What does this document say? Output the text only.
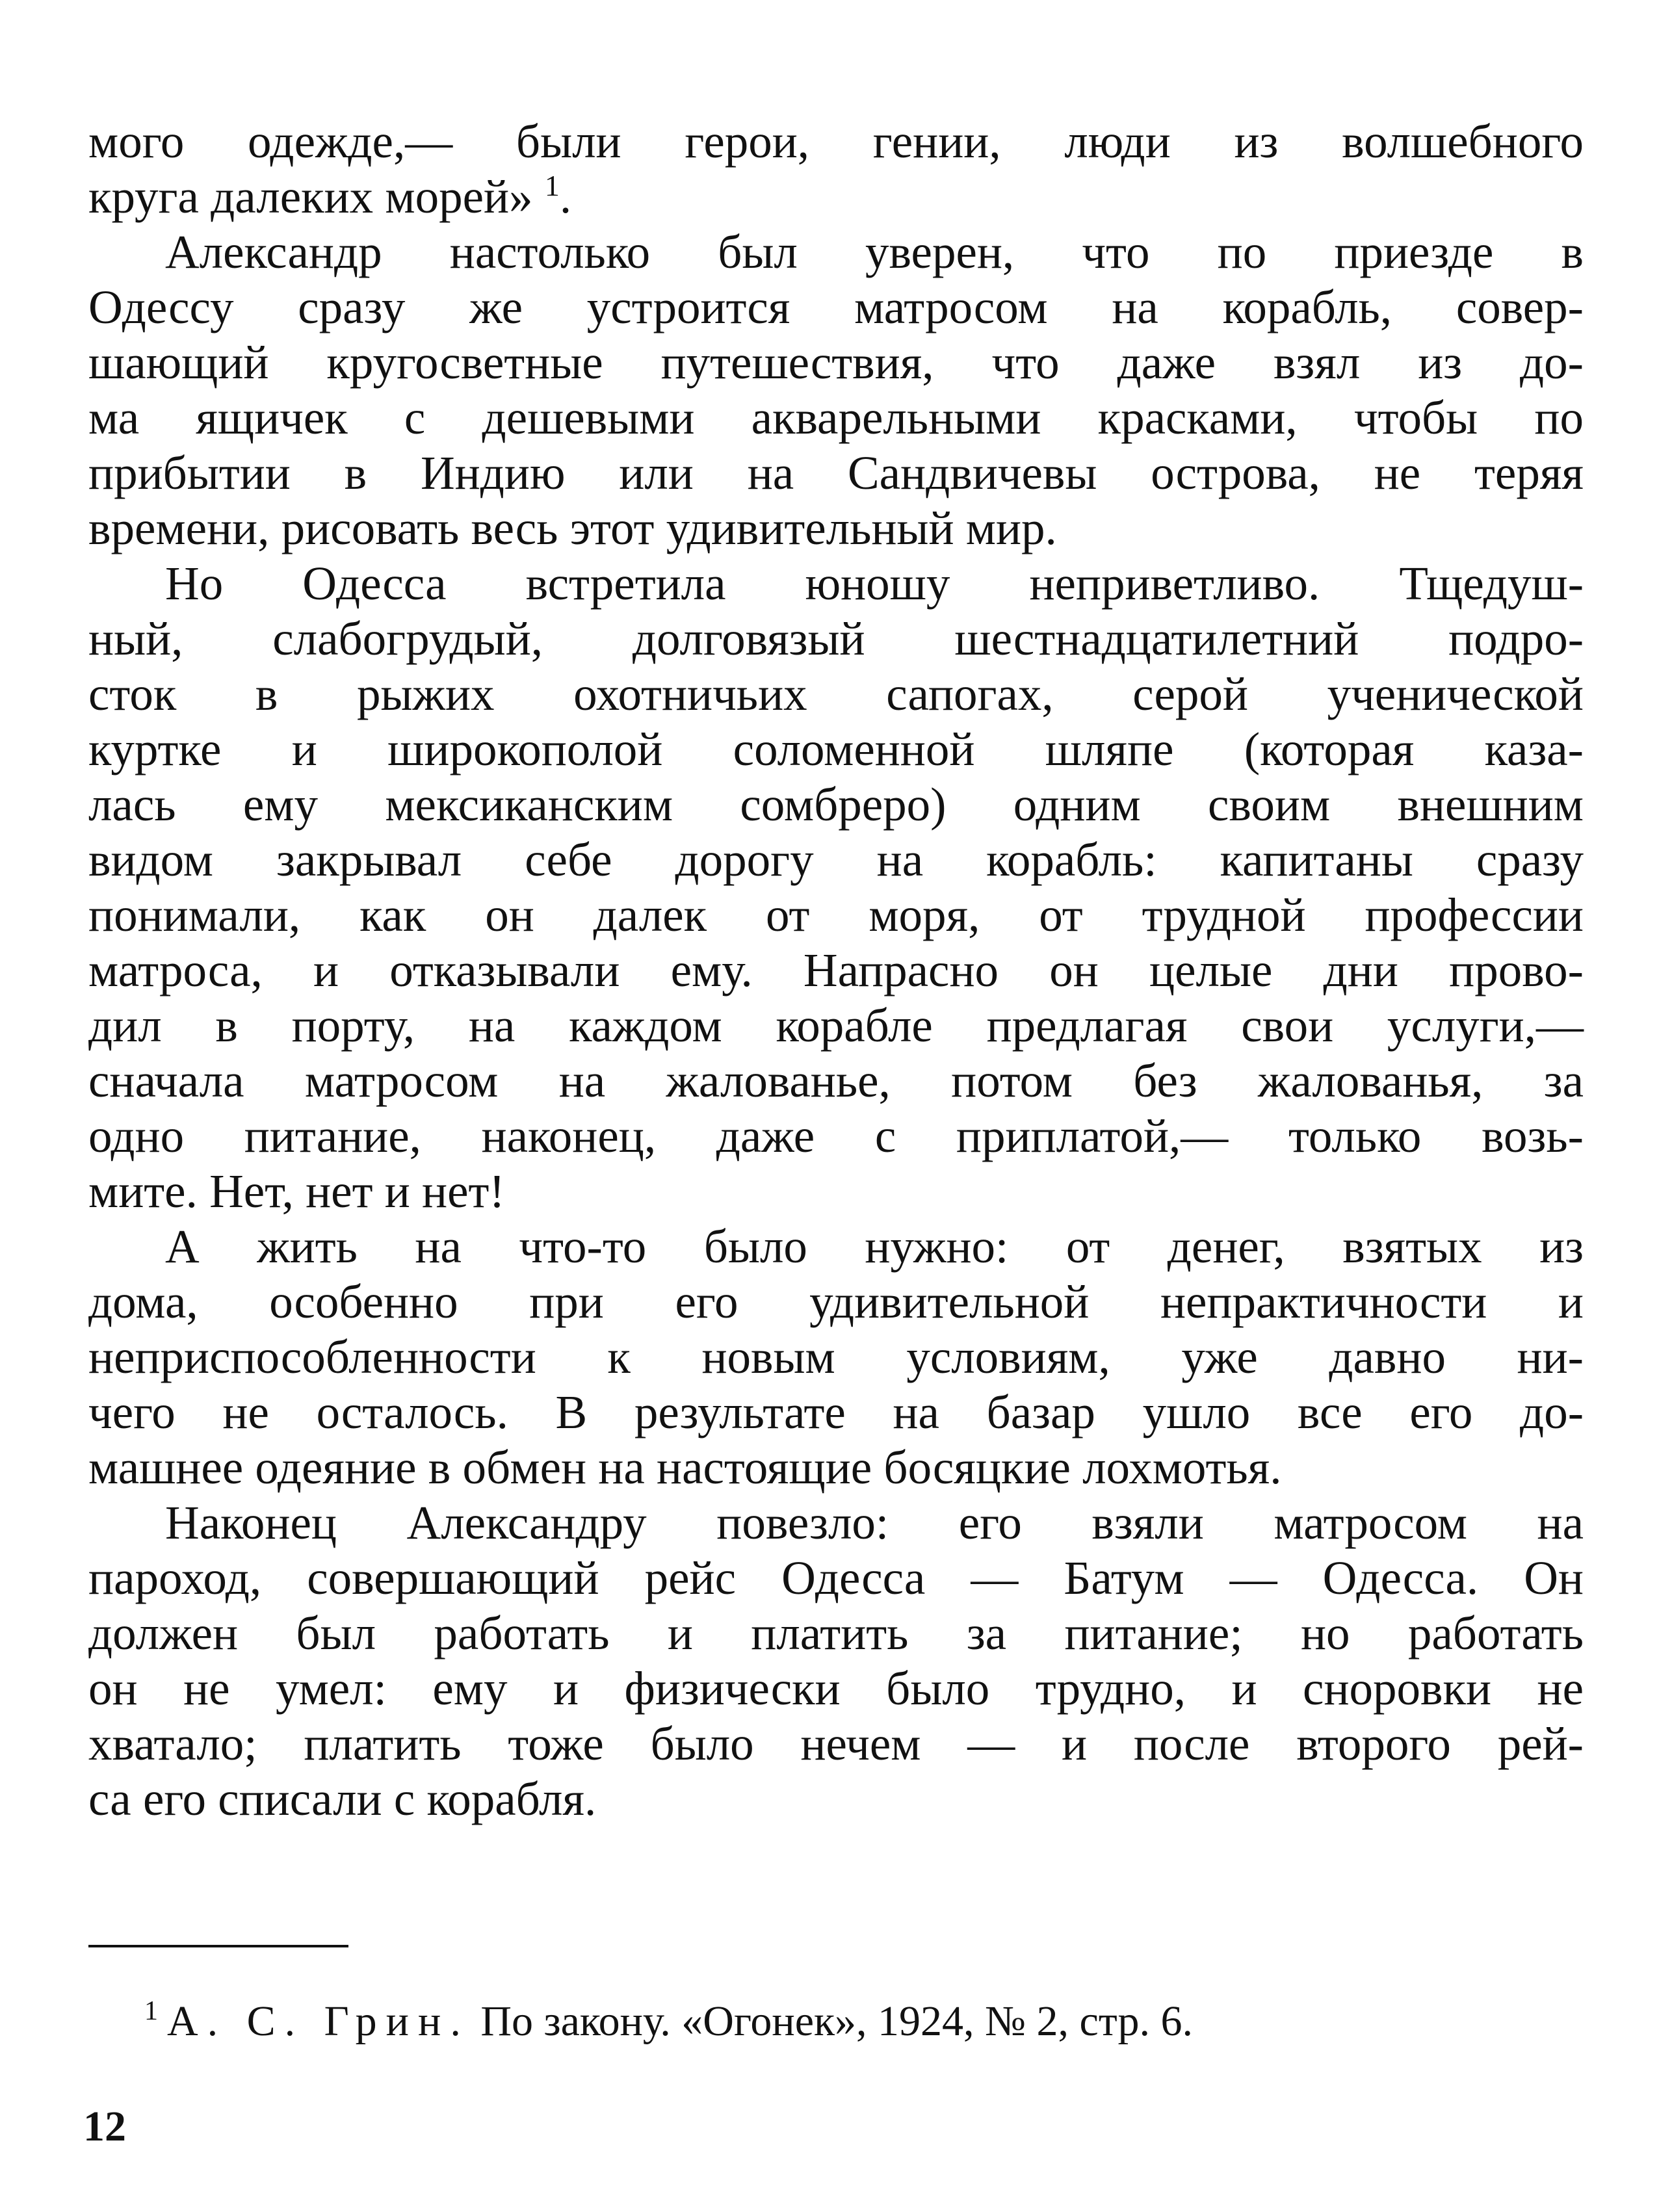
мого одежде,— были герои, гении, люди из волшебного
круга далеких морей» $^1$.
Александр настолько был уверен, что по приезде в
Одессу сразу же устроится матросом на корабль, совер-
шающий кругосветные путешествия, что даже взял из до-
ма ящичек с дешевыми акварельными красками, чтобы по
прибытии в Индию или на Сандвичевы острова, не теряя
времени, рисовать весь этот удивительный мир.
Но Одесса встретила юношу неприветливо. Тщедуш-
ный, слабогрудый, долговязый шестнадцатилетний подро-
сток в рыжих охотничьих сапогах, серой ученической
куртке и широкополой соломенной шляпе (которая каза-
лась ему мексиканским сомбреро) одним своим внешним
видом закрывал себе дорогу на корабль: капитаны сразу
понимали, как он далек от моря, от трудной профессии
матроса, и отказывали ему. Напрасно он целые дни прово-
дил в порту, на каждом корабле предлагая свои услуги,—
сначала матросом на жалованье, потом без жалованья, за
одно питание, наконец, даже с приплатой,— только возь-
мите. Нет, нет и нет!
А жить на что-то было нужно: от денег, взятых из
дома, особенно при его удивительной непрактичности и
неприспособленности к новым условиям, уже давно ни-
чего не осталось. В результате на базар ушло все его до-
машнее одеяние в обмен на настоящие босяцкие лохмотья.
Наконец Александру повезло: его взяли матросом на
пароход, совершающий рейс Одесса — Батум — Одесса. Он
должен был работать и платить за питание; но работать
он не умел: ему и физически было трудно, и сноровки не
хватало; платить тоже было нечем — и после второго рей-
са его списали с корабля.
$^1$ А. С. Грин. По закону. «Огонек», 1924, № 2, стр. 6.
12
